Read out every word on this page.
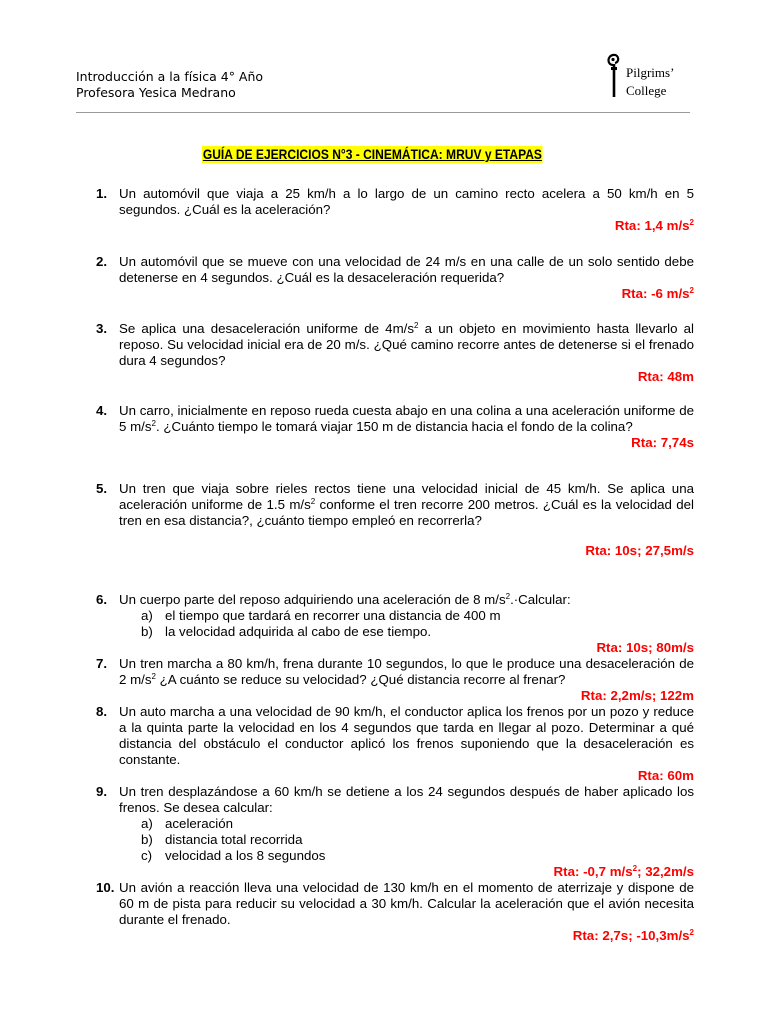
Introducción a la física 4° Año
Profesora Yesica Medrano
Pilgrims’
College
GUÍA DE EJERCICIOS N°3 - CINEMÁTICA: MRUV y ETAPAS
1. Un automóvil que viaja a 25 km/h a lo largo de un camino recto acelera a 50 km/h en 5 segundos. ¿Cuál es la aceleración?
Rta: 1,4 $m/s^2$
2. Un automóvil que se mueve con una velocidad de 24 m/s en una calle de un solo sentido debe detenerse en 4 segundos. ¿Cuál es la desaceleración requerida?
Rta: -6 $m/s^2$
3. Se aplica una desaceleración uniforme de $4m/s^2$ a un objeto en movimiento hasta llevarlo al reposo. Su velocidad inicial era de 20 m/s. ¿Qué camino recorre antes de detenerse si el frenado dura 4 segundos?
Rta: 48m
4. Un carro, inicialmente en reposo rueda cuesta abajo en una colina a una aceleración uniforme de 5 $m/s^2$. ¿Cuánto tiempo le tomará viajar 150 m de distancia hacia el fondo de la colina?
Rta: 7,74s
5. Un tren que viaja sobre rieles rectos tiene una velocidad inicial de 45 km/h. Se aplica una aceleración uniforme de 1.5 $m/s^2$ conforme el tren recorre 200 metros. ¿Cuál es la velocidad del tren en esa distancia?, ¿cuánto tiempo empleó en recorrerla?
Rta: 10s; 27,5m/s
6. Un cuerpo parte del reposo adquiriendo una aceleración de 8 $m/s^2.\cdot Calcular$:
a) el tiempo que tardará en recorrer una distancia de 400 m
b) la velocidad adquirida al cabo de ese tiempo.
Rta: 10s; 80m/s
7. Un tren marcha a 80 km/h, frena durante 10 segundos, lo que le produce una desaceleración de 2 $m/s^2$ ¿A cuánto se reduce su velocidad? ¿Qué distancia recorre al frenar?
Rta: 2,2m/s; 122m
8. Un auto marcha a una velocidad de 90 km/h, el conductor aplica los frenos por un pozo y reduce a la quinta parte la velocidad en los 4 segundos que tarda en llegar al pozo. Determinar a qué distancia del obstáculo el conductor aplicó los frenos suponiendo que la desaceleración es constante.
Rta: 60m
9. Un tren desplazándose a 60 km/h se detiene a los 24 segundos después de haber aplicado los frenos. Se desea calcular:
a) aceleración
b) distancia total recorrida
c) velocidad a los 8 segundos
Rta: -0,7 $m/s^2$; 32,2m/s
10. Un avión a reacción lleva una velocidad de 130 km/h en el momento de aterrizaje y dispone de 60 m de pista para reducir su velocidad a 30 km/h. Calcular la aceleración que el avión necesita durante el frenado.
Rta: 2,7s; $-10,3m/s^2$
